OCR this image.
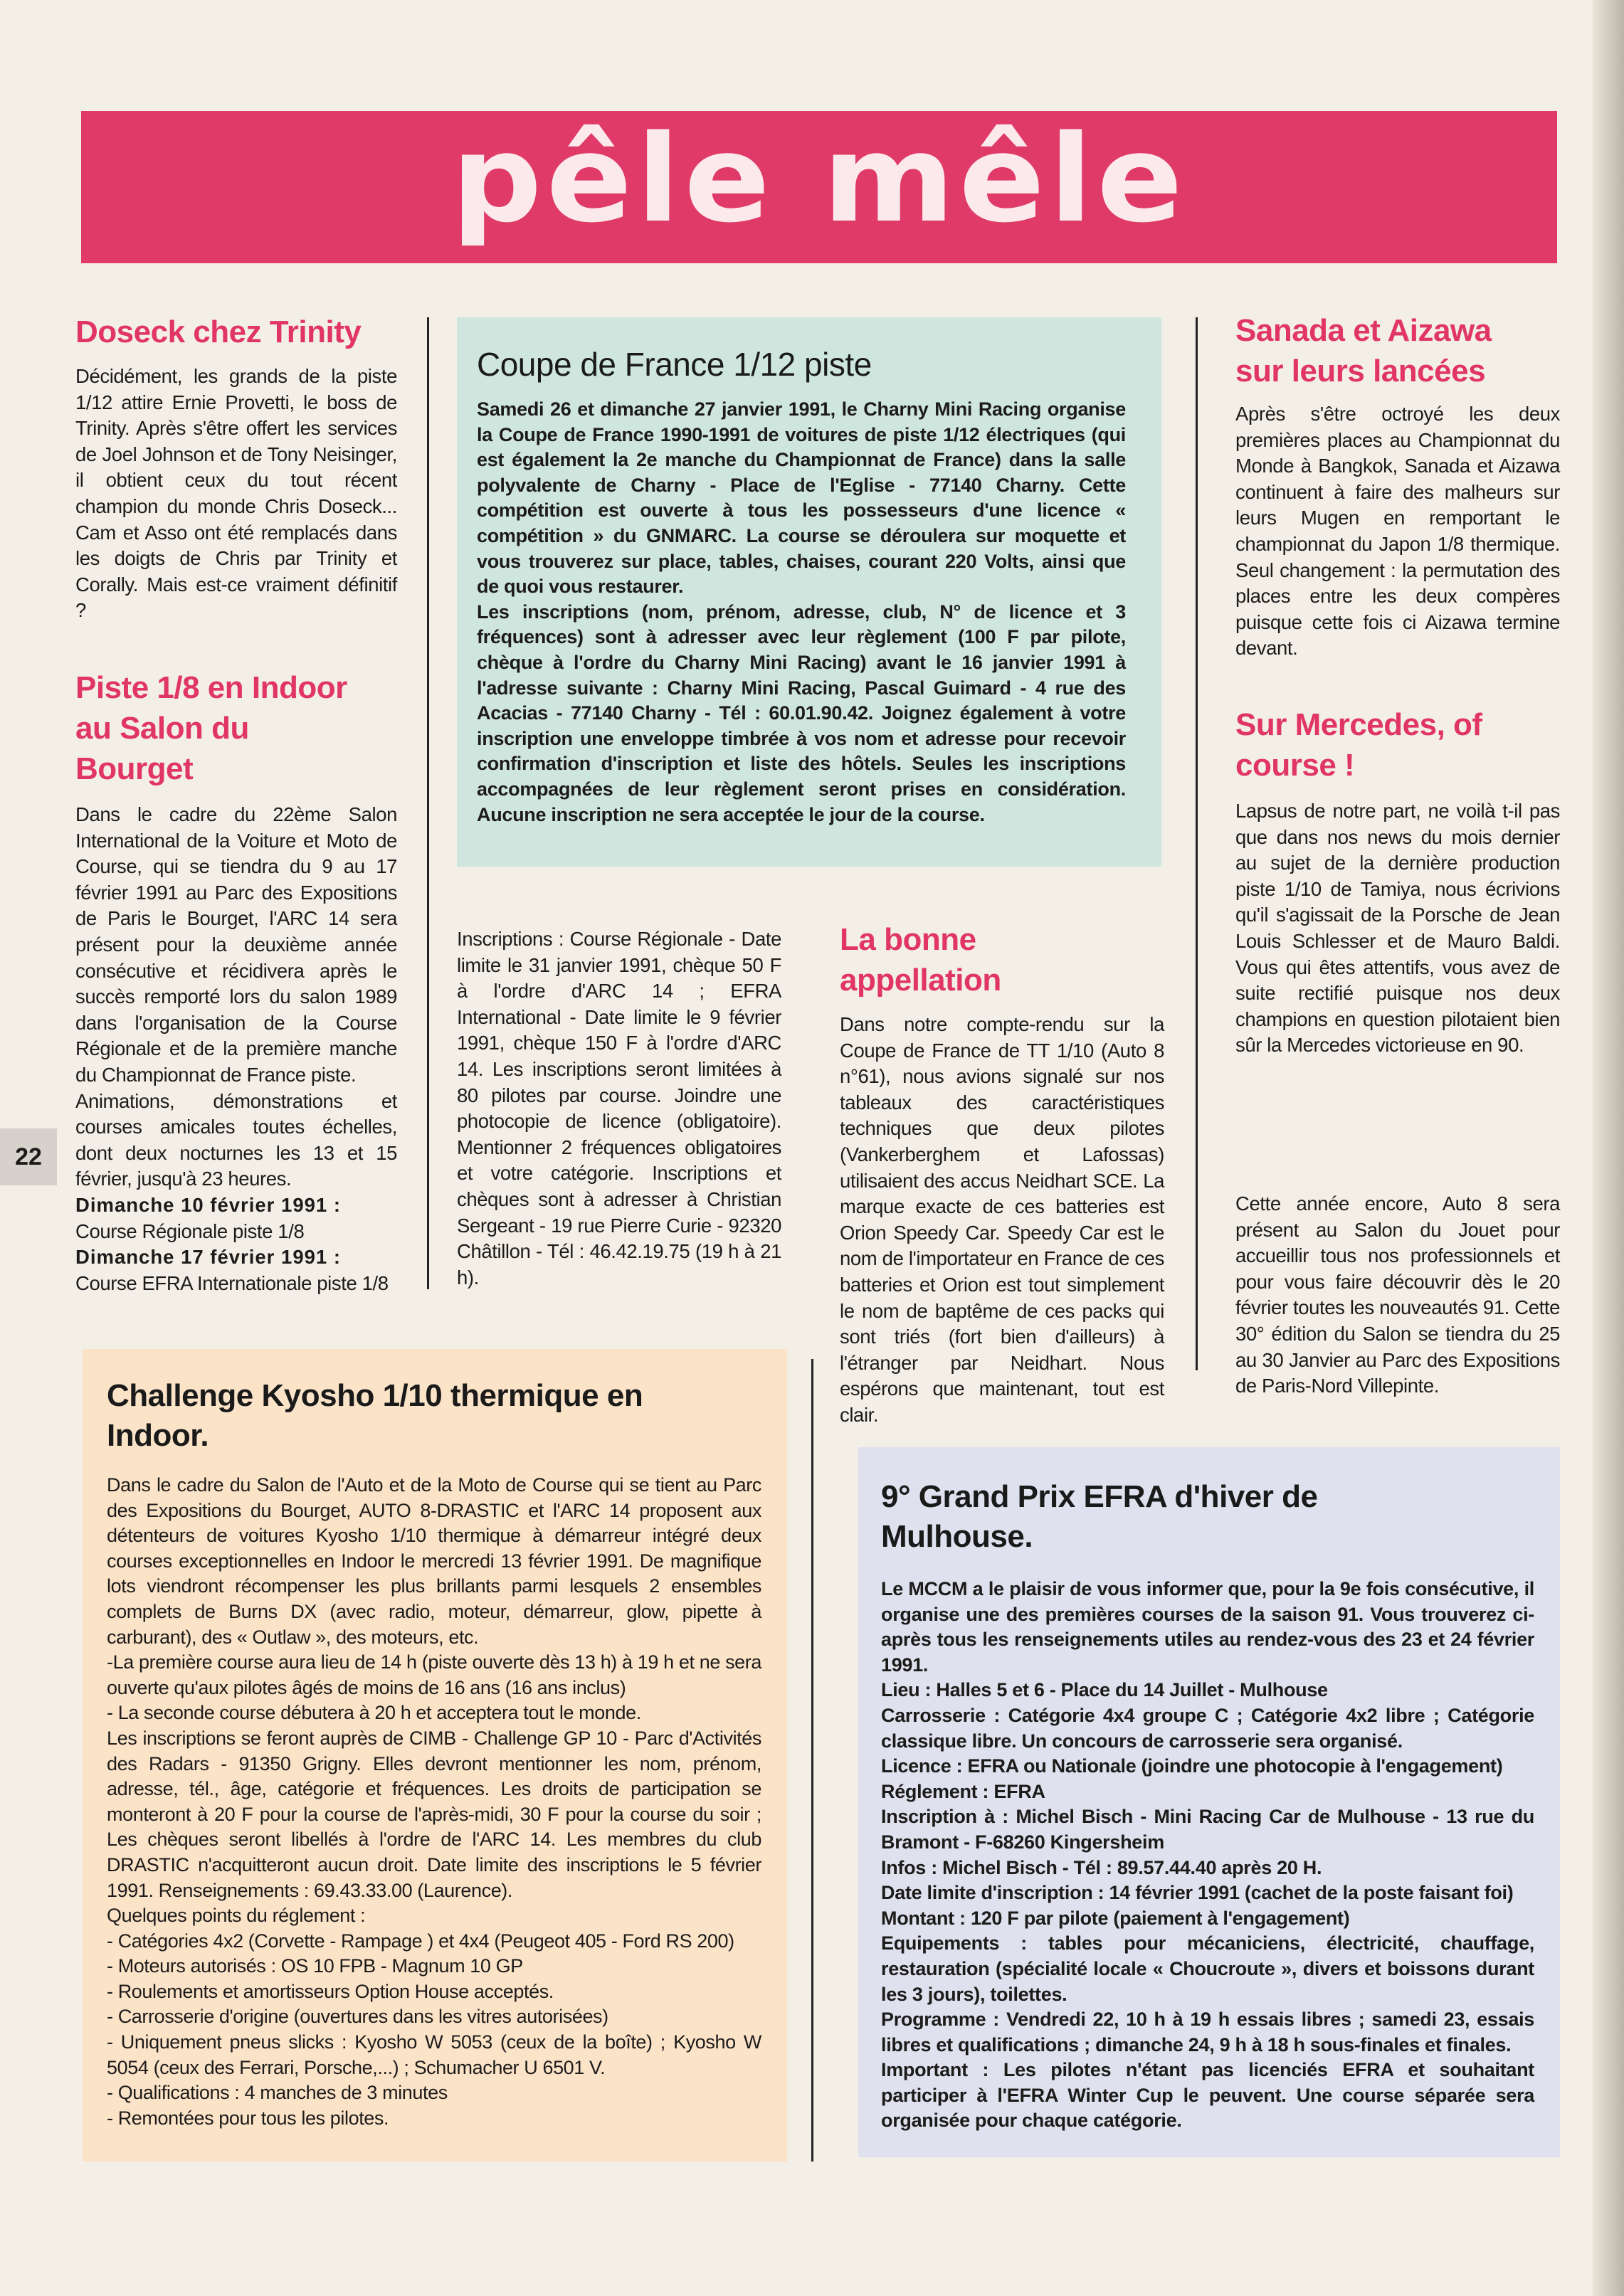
pêle mêle
22
Doseck chez Trinity

Décidément, les grands de la piste 1/12 attire Ernie Provetti, le boss de Trinity. Après s'être offert les services de Joel Johnson et de Tony Neisinger, il obtient ceux du tout récent champion du monde Chris Doseck... Cam et Asso ont été remplacés dans les doigts de Chris par Trinity et Corally. Mais est-ce vraiment définitif ?

Piste 1/8 en Indoor
au Salon du
Bourget

Dans le cadre du 22ème Salon International de la Voiture et Moto de Course, qui se tiendra du 9 au 17 février 1991 au Parc des Expositions de Paris le Bourget, l'ARC 14 sera présent pour la deuxième année consécutive et récidivera après le succès remporté lors du salon 1989 dans l'organisation de la Course Régionale et de la première manche du Championnat de France piste.

Animations, démonstrations et courses amicales toutes échelles, dont deux nocturnes les 13 et 15 février, jusqu'à 23 heures.

Dimanche 10 février 1991 :
Course Régionale piste 1/8
Dimanche 17 février 1991 :
Course EFRA Internationale piste 1/8
Coupe de France 1/12 piste

Samedi 26 et dimanche 27 janvier 1991, le Charny Mini Racing organise la Coupe de France 1990-1991 de voitures de piste 1/12 électriques (qui est également la 2e manche du Championnat de France) dans la salle polyvalente de Charny - Place de l'Eglise - 77140 Charny. Cette compétition est ouverte à tous les possesseurs d'une licence « compétition » du GNMARC. La course se déroulera sur moquette et vous trouverez sur place, tables, chaises, courant 220 Volts, ainsi que de quoi vous restaurer.

Les inscriptions (nom, prénom, adresse, club, N° de licence et 3 fréquences) sont à adresser avec leur règlement (100 F par pilote, chèque à l'ordre du Charny Mini Racing) avant le 16 janvier 1991 à l'adresse suivante : Charny Mini Racing, Pascal Guimard - 4 rue des Acacias - 77140 Charny - Tél : 60.01.90.42. Joignez également à votre inscription une enveloppe timbrée à vos nom et adresse pour recevoir confirmation d'inscription et liste des hôtels. Seules les inscriptions accompagnées de leur règlement seront prises en considération. Aucune inscription ne sera acceptée le jour de la course.

Inscriptions : Course Régionale - Date limite le 31 janvier 1991, chèque 50 F à l'ordre d'ARC 14 ; EFRA International - Date limite le 9 février 1991, chèque 150 F à l'ordre d'ARC 14. Les inscriptions seront limitées à 80 pilotes par course. Joindre une photocopie de licence (obligatoire). Mentionner 2 fréquences obligatoires et votre catégorie. Inscriptions et chèques sont à adresser à Christian Sergeant - 19 rue Pierre Curie - 92320 Châtillon - Tél : 46.42.19.75 (19 h à 21 h).

La bonne
appellation

Dans notre compte-rendu sur la Coupe de France de TT 1/10 (Auto 8 n°61), nous avions signalé sur nos tableaux des caractéristiques techniques que deux pilotes (Vankerberghem et Lafossas) utilisaient des accus Neidhart SCE. La marque exacte de ces batteries est Orion Speedy Car. Speedy Car est le nom de l'importateur en France de ces batteries et Orion est tout simplement le nom de baptême de ces packs qui sont triés (fort bien d'ailleurs) à l'étranger par Neidhart. Nous espérons que maintenant, tout est clair.

Sanada et Aizawa
sur leurs lancées

Après s'être octroyé les deux premières places au Championnat du Monde à Bangkok, Sanada et Aizawa continuent à faire des malheurs sur leurs Mugen en remportant le championnat du Japon 1/8 thermique. Seul changement : la permutation des places entre les deux compères puisque cette fois ci Aizawa termine devant.

Sur Mercedes, of
course !

Lapsus de notre part, ne voilà t-il pas que dans nos news du mois dernier au sujet de la dernière production piste 1/10 de Tamiya, nous écrivions qu'il s'agissait de la Porsche de Jean Louis Schlesser et de Mauro Baldi. Vous qui êtes attentifs, vous avez de suite rectifié puisque nos deux champions en question pilotaient bien sûr la Mercedes victorieuse en 90.

Cette année encore, Auto 8 sera présent au Salon du Jouet pour accueillir tous nos professionnels et pour vous faire découvrir dès le 20 février toutes les nouveautés 91. Cette 30° édition du Salon se tiendra du 25 au 30 Janvier au Parc des Expositions de Paris-Nord Villepinte.

Challenge Kyosho 1/10 thermique en
Indoor.
Dans le cadre du Salon de l'Auto et de la Moto de Course qui se tient au Parc des Expositions du Bourget, AUTO 8-DRASTIC et l'ARC 14 proposent aux détenteurs de voitures Kyosho 1/10 thermique à démarreur intégré deux courses exceptionnelles en Indoor le mercredi 13 février 1991. De magnifique lots viendront récompenser les plus brillants parmi lesquels 2 ensembles complets de Burns DX (avec radio, moteur, démarreur, glow, pipette à carburant), des « Outlaw », des moteurs, etc.
-La première course aura lieu de 14 h (piste ouverte dès 13 h) à 19 h et ne sera ouverte qu'aux pilotes âgés de moins de 16 ans (16 ans inclus)
- La seconde course débutera à 20 h et acceptera tout le monde.
Les inscriptions se feront auprès de CIMB - Challenge GP 10 - Parc d'Activités des Radars - 91350 Grigny. Elles devront mentionner les nom, prénom, adresse, tél., âge, catégorie et fréquences. Les droits de participation se monteront à 20 F pour la course de l'après-midi, 30 F pour la course du soir ; Les chèques seront libellés à l'ordre de l'ARC 14. Les membres du club DRASTIC n'acquitteront aucun droit. Date limite des inscriptions le 5 février 1991. Renseignements : 69.43.33.00 (Laurence).
Quelques points du réglement :
- Catégories 4x2 (Corvette - Rampage ) et 4x4 (Peugeot 405 - Ford RS 200)
- Moteurs autorisés : OS 10 FPB - Magnum 10 GP
- Roulements et amortisseurs Option House acceptés.
- Carrosserie d'origine (ouvertures dans les vitres autorisées)
- Uniquement pneus slicks : Kyosho W 5053 (ceux de la boîte) ; Kyosho W 5054 (ceux des Ferrari, Porsche,...) ; Schumacher U 6501 V.
- Qualifications : 4 manches de 3 minutes
- Remontées pour tous les pilotes.
9° Grand Prix EFRA d'hiver de
Mulhouse.
Le MCCM a le plaisir de vous informer que, pour la 9e fois consécutive, il organise une des premières courses de la saison 91. Vous trouverez ci-après tous les renseignements utiles au rendez-vous des 23 et 24 février 1991.
Lieu : Halles 5 et 6 - Place du 14 Juillet - Mulhouse
Carrosserie : Catégorie 4x4 groupe C ; Catégorie 4x2 libre ; Catégorie classique libre. Un concours de carrosserie sera organisé.
Licence : EFRA ou Nationale (joindre une photocopie à l'engagement)
Réglement : EFRA
Inscription à : Michel Bisch - Mini Racing Car de Mulhouse - 13 rue du Bramont - F-68260 Kingersheim
Infos : Michel Bisch - Tél : 89.57.44.40 après 20 H.
Date limite d'inscription : 14 février 1991 (cachet de la poste faisant foi)
Montant : 120 F par pilote (paiement à l'engagement)
Equipements : tables pour mécaniciens, électricité, chauffage, restauration (spécialité locale « Choucroute », divers et boissons durant les 3 jours), toilettes.
Programme : Vendredi 22, 10 h à 19 h essais libres ; samedi 23, essais libres et qualifications ; dimanche 24, 9 h à 18 h sous-finales et finales.
Important : Les pilotes n'étant pas licenciés EFRA et souhaitant participer à l'EFRA Winter Cup le peuvent. Une course séparée sera organisée pour chaque catégorie.
